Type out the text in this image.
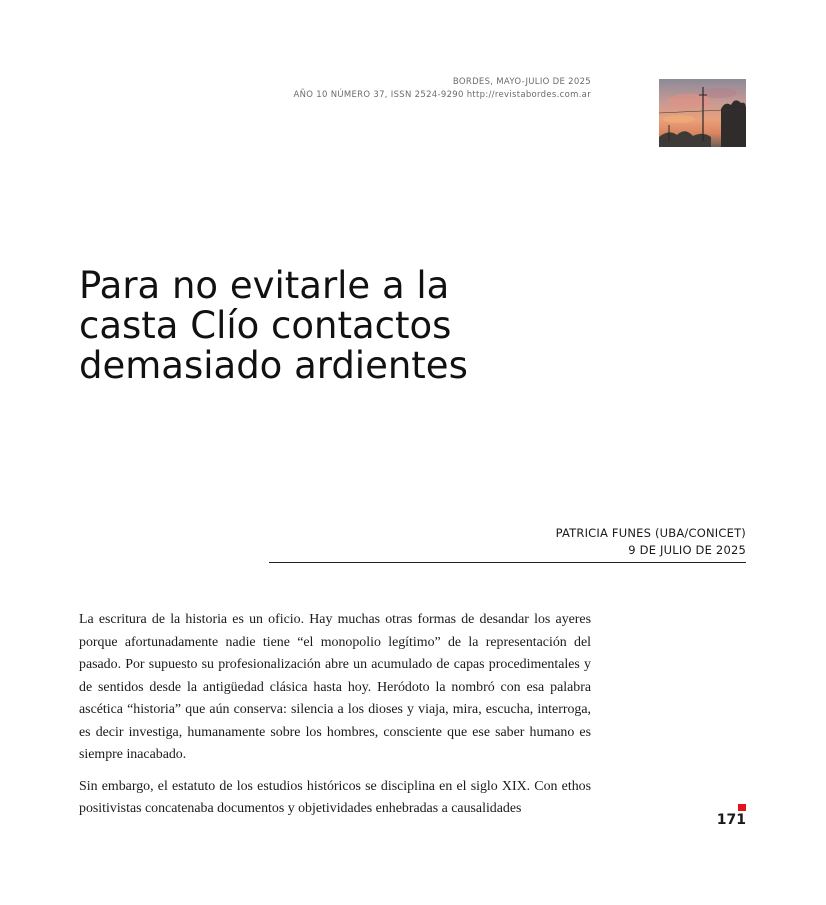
BORDES, MAYO-JULIO DE 2025
AÑO 10 NÚMERO 37, ISSN 2524-9290 http://revistabordes.com.ar
Para no evitarle a la
casta Clío contactos
demasiado ardientes
PATRICIA FUNES (UBA/CONICET)
9 DE JULIO DE 2025

La escritura de la historia es un oficio. Hay muchas otras formas de desandar los ayeres porque afortunadamente nadie tiene “el monopolio legítimo” de la representación del pasado. Por supuesto su profesionalización abre un acumulado de capas procedimentales y de sentidos desde la antigüedad clásica hasta hoy. Heródoto la nombró con esa palabra ascética “historia” que aún conserva: silencia a los dioses y viaja, mira, escucha, interroga, es decir investiga, humanamente sobre los hombres, consciente que ese saber humano es siempre inacabado.

Sin embargo, el estatuto de los estudios históricos se disciplina en el siglo XIX. Con ethos positivistas concatenaba documentos y objetividades enhebradas a causalidades

171
